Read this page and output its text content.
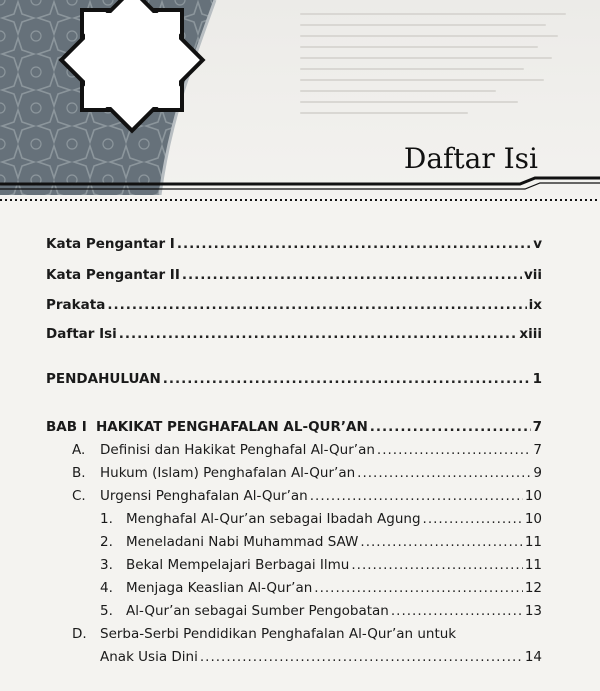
Daftar Isi
Kata Pengantar I .....	v
Kata Pengantar II .....	vii
Prakata .....	ix
Daftar Isi .....	xiii
PENDAHULUAN .....	1
BAB I HAKIKAT PENGHAFALAN AL-QUR’AN .....	7
A. Definisi dan Hakikat Penghafal Al-Qur’an .....	7
B. Hukum (Islam) Penghafalan Al-Qur’an .....	9
C. Urgensi Penghafalan Al-Qur’an .....	10
1. Menghafal Al-Qur’an sebagai Ibadah Agung .....	10
2. Meneladani Nabi Muhammad SAW .....	11
3. Bekal Mempelajari Berbagai Ilmu .....	11
4. Menjaga Keaslian Al-Qur’an .....	12
5. Al-Qur’an sebagai Sumber Pengobatan .....	13
D. Serba-Serbi Pendidikan Penghafalan Al-Qur’an untuk
Anak Usia Dini .....	14
